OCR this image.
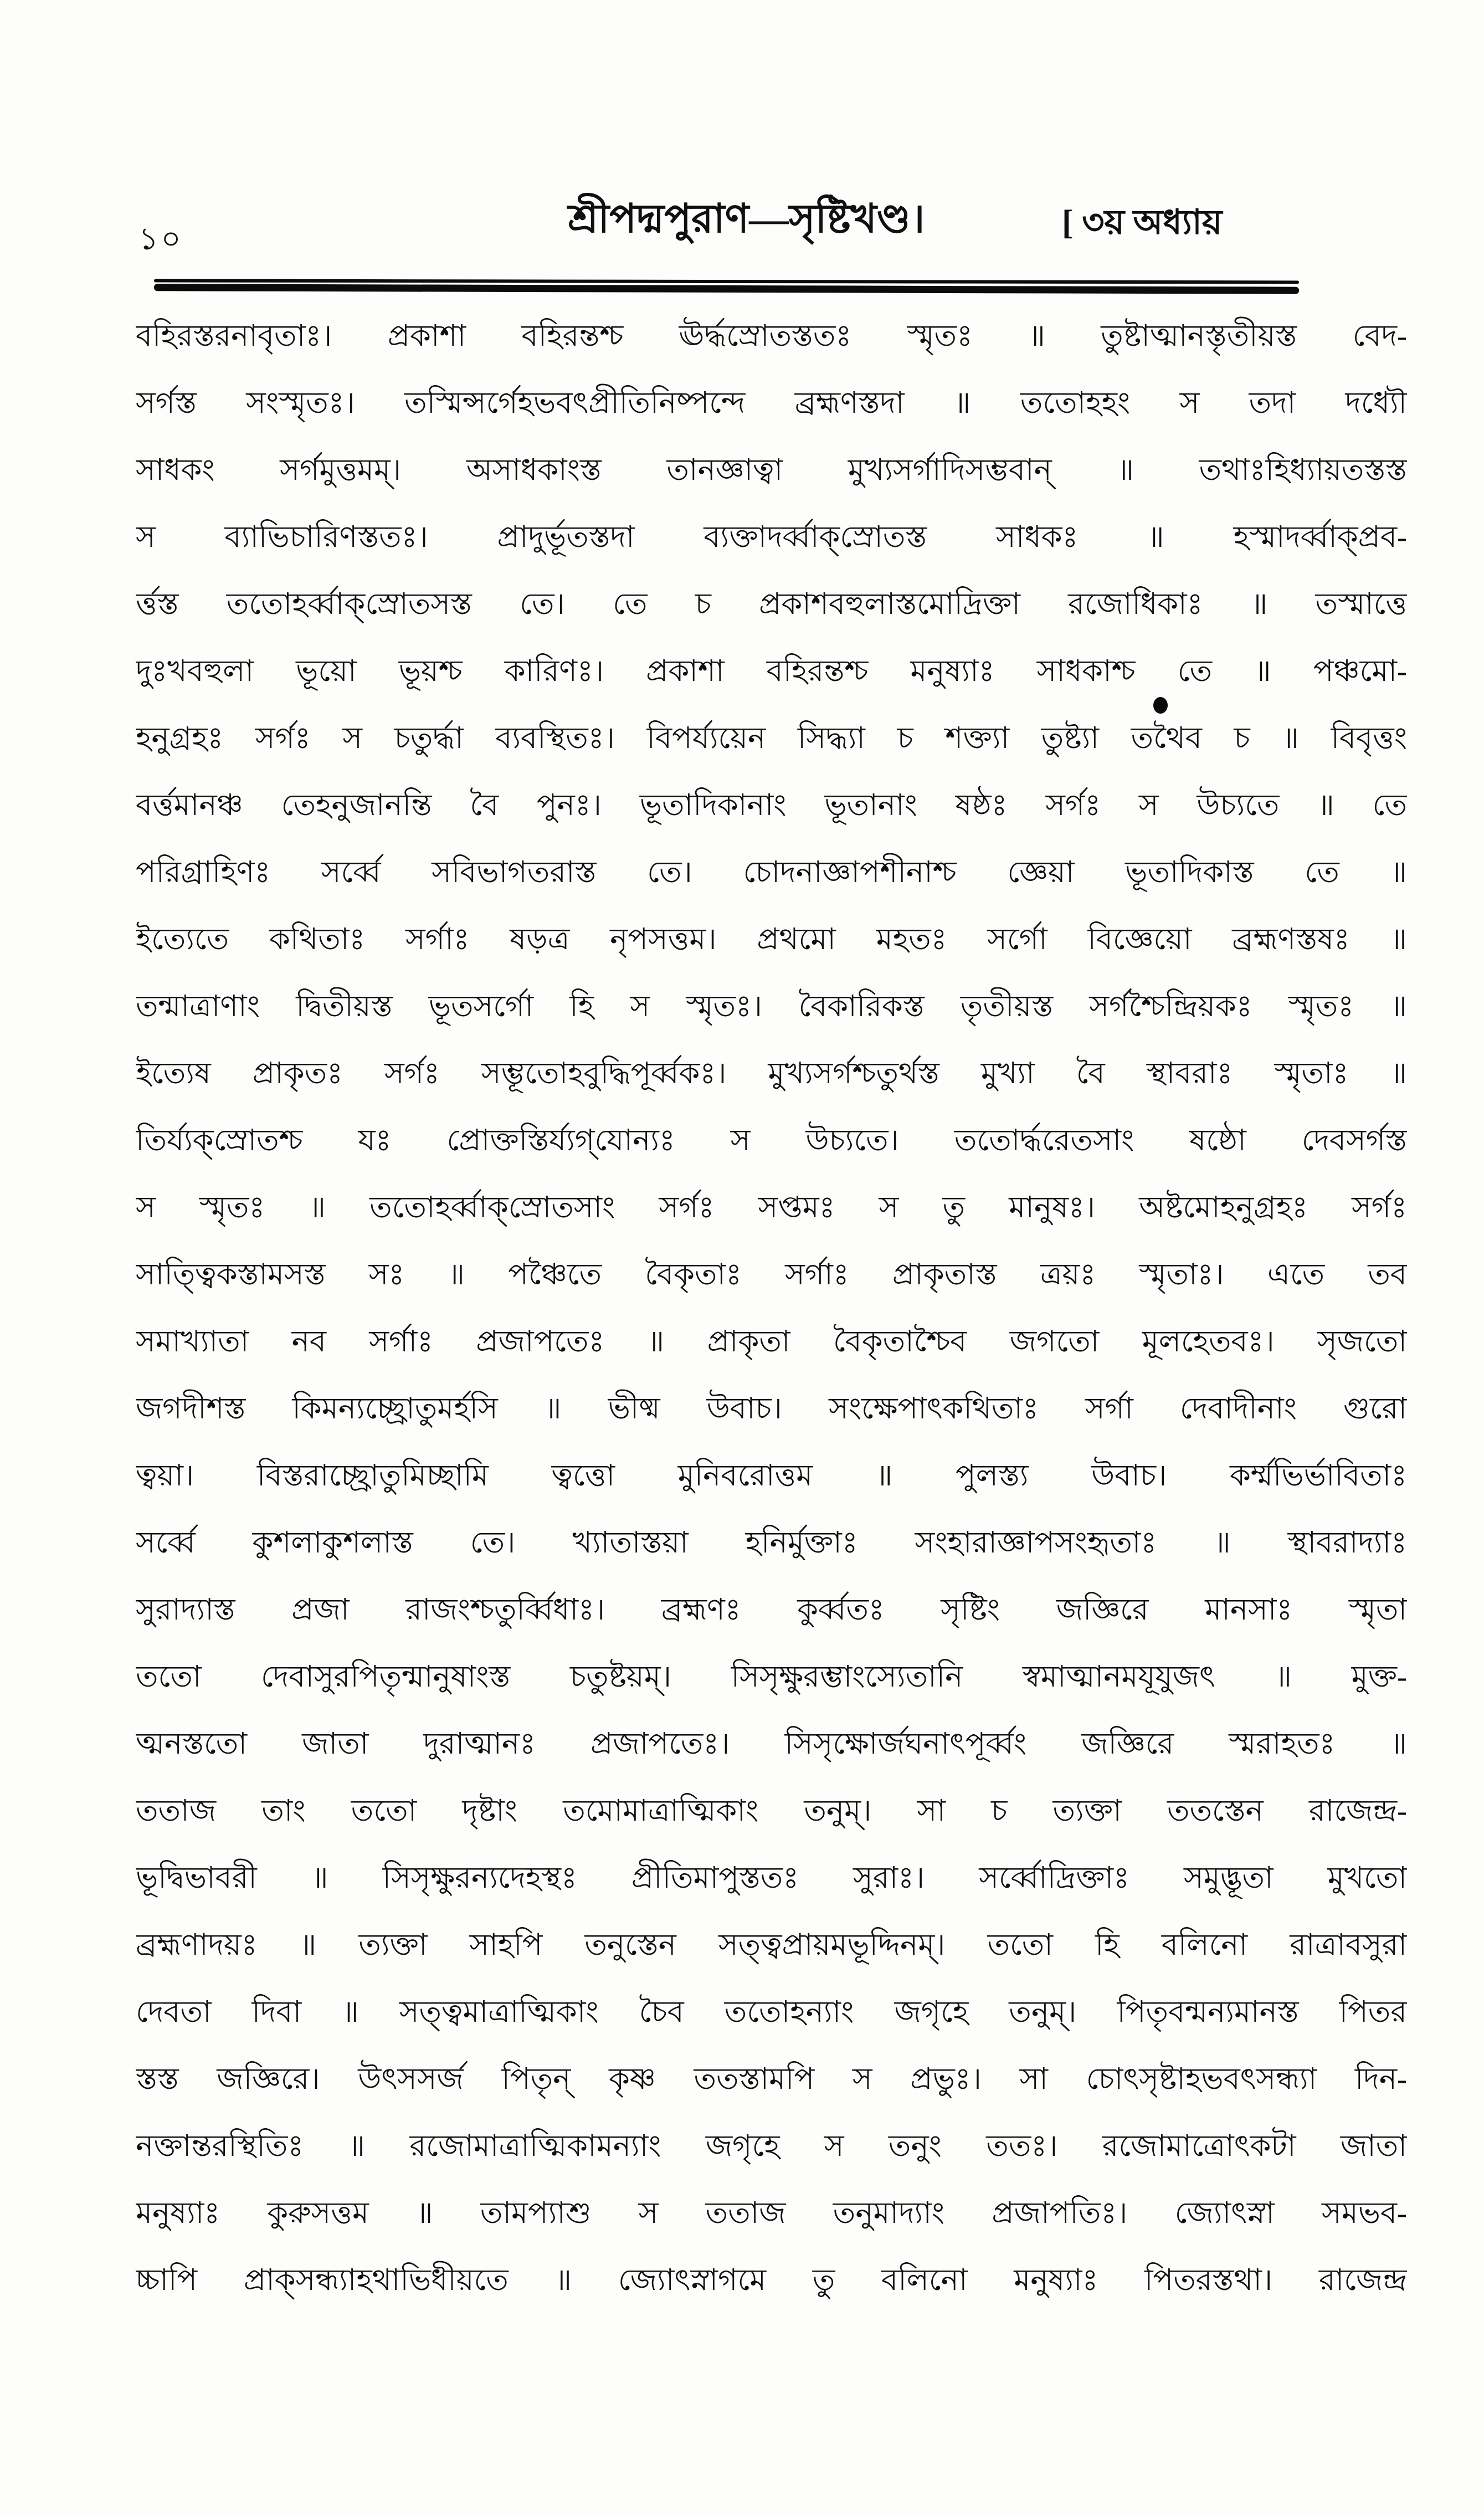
১০	শ্রীপদ্মপুরাণ—সৃষ্টিখণ্ড।	[ ৩য় অধ্যায়
বহিরস্তরনাবৃতাঃ। প্রকাশা বহিরন্তশ্চ ঊর্দ্ধস্রোতস্ততঃ স্মৃতঃ ॥ তুষ্টাত্মানস্তৃতীয়স্ত বেদ-
সর্গস্ত সংস্মৃতঃ। তস্মিন্সর্গেহভবৎপ্রীতিনিষ্পন্দে ব্রহ্মণস্তদা ॥ ততোহহং স তদা দধ্যৌ
সাধকং সর্গমুত্তমম্‌। অসাধকাংস্ত তানজ্ঞাত্বা মুখ্যসর্গাদিসম্ভবান্‌ ॥ তথাঃহিধ্যায়তস্তস্ত
স ব্যাভিচারিণস্ততঃ। প্রাদুর্ভূতস্তদা ব্যক্তাদর্ব্বাক্‌স্রোতস্ত সাধকঃ ॥ হস্মাদর্ব্বাক্‌প্রব-
র্ত্তস্ত ততোহর্ব্বাক্‌স্রোতসস্ত তে। তে চ প্রকাশবহুলাস্তমোদ্রিক্তা রজোধিকাঃ ॥ তস্মাত্তে
দুঃখবহুলা ভূয়ো ভূয়শ্চ কারিণঃ। প্রকাশা বহিরন্তশ্চ মনুষ্যাঃ সাধকাশ্চ তে ॥ পঞ্চমো-
হনুগ্রহঃ সর্গঃ স চতুর্দ্ধা ব্যবস্থিতঃ। বিপর্য্যয়েন সিদ্ধ্যা চ শক্ত্যা তুষ্ট্যা তথৈব চ ॥ বিবৃত্তং
বর্ত্তমানঞ্চ তেহনুজানন্তি বৈ পুনঃ। ভূতাদিকানাং ভূতানাং ষষ্ঠঃ সর্গঃ স উচ্যতে ॥ তে
পরিগ্রাহিণঃ সর্ব্বে সবিভাগতরাস্ত তে। চোদনাজ্ঞাপশীনাশ্চ জ্ঞেয়া ভূতাদিকাস্ত তে ॥
ইত্যেতে কথিতাঃ সর্গাঃ ষড়ত্র নৃপসত্তম। প্রথমো মহতঃ সর্গো বিজ্ঞেয়ো ব্রহ্মণস্তষঃ ॥
তন্মাত্রাণাং দ্বিতীয়স্ত ভূতসর্গো হি স স্মৃতঃ। বৈকারিকস্ত তৃতীয়স্ত সর্গশ্চৈন্দ্রিয়কঃ স্মৃতঃ ॥
ইত্যেষ প্রাকৃতঃ সর্গঃ সম্ভূতোহবুদ্ধিপূর্ব্বকঃ। মুখ্যসর্গশ্চতুর্থস্ত মুখ্যা বৈ স্থাবরাঃ স্মৃতাঃ ॥
তির্য্যক্‌স্রোতশ্চ যঃ প্রোক্তস্তির্য্যগ্‌যোন্যঃ স উচ্যতে। ততোর্দ্ধরেতসাং ষষ্ঠো দেবসর্গস্ত
স স্মৃতঃ ॥ ততোহর্ব্বাক্‌স্রোতসাং সর্গঃ সপ্তমঃ স তু মানুষঃ। অষ্টমোহনুগ্রহঃ সর্গঃ
সাত্ত্বিকস্তামসস্ত সঃ ॥ পঞ্চৈতে বৈকৃতাঃ সর্গাঃ প্রাকৃতাস্ত ত্রয়ঃ স্মৃতাঃ। এতে তব
সমাখ্যাতা নব সর্গাঃ প্রজাপতেঃ ॥ প্রাকৃতা বৈকৃতাশ্চৈব জগতো মূলহেতবঃ। সৃজতো
জগদীশস্ত কিমন্যচ্ছ্রোতুমর্হসি ॥ ভীষ্ম উবাচ। সংক্ষেপাৎকথিতাঃ সর্গা দেবাদীনাং গুরো
ত্বয়া। বিস্তরাচ্ছ্রোতুমিচ্ছামি ত্বত্তো মুনিবরোত্তম ॥ পুলস্ত্য উবাচ। কর্ম্মভির্ভাবিতাঃ
সর্ব্বে কুশলাকুশলাস্ত তে। খ্যাতাস্তয়া হনির্মুক্তাঃ সংহারাজ্ঞাপসংহৃতাঃ ॥ স্থাবরাদ্যাঃ
সুরাদ্যাস্ত প্রজা রাজংশ্চতুর্ব্বিধাঃ। ব্রহ্মণঃ কুর্ব্বতঃ সৃষ্টিং জজ্ঞিরে মানসাঃ স্মৃতা
ততো দেবাসুরপিতৃন্মানুষাংস্ত চতুষ্টয়ম্‌। সিসৃক্ষুরম্ভাংস্যেতানি স্বমাত্মানমযূযুজৎ ॥ মুক্ত-
ত্মনস্ততো জাতা দুরাত্মানঃ প্রজাপতেঃ। সিসৃক্ষোর্জঘনাৎপূর্ব্বং জজ্ঞিরে স্মরাহতঃ ॥
ততাজ তাং ততো দৃষ্টাং তমোমাত্রাত্মিকাং তনুম্‌। সা চ ত্যক্তা ততস্তেন রাজেন্দ্র-
ভূদ্বিভাবরী ॥ সিসৃক্ষুরন্যদেহস্থঃ প্রীতিমাপুস্ততঃ সুরাঃ। সর্ব্বোদ্রিক্তাঃ সমুদ্ভূতা মুখতো
ব্রহ্মণাদয়ঃ ॥ ত্যক্তা সাহপি তনুস্তেন সত্ত্বপ্রায়মভূদ্দিনম্‌। ততো হি বলিনো রাত্রাবসুরা
দেবতা দিবা ॥ সত্ত্বমাত্রাত্মিকাং চৈব ততোহন্যাং জগৃহে তনুম্‌। পিতৃবন্মন্যমানস্ত পিতর
স্তস্ত জজ্ঞিরে। উৎসসর্জ পিতৃন্‌ কৃষ্ণ ততস্তামপি স প্রভুঃ। সা চোৎসৃষ্টাহভবৎসন্ধ্যা দিন-
নক্তান্তরস্থিতিঃ ॥ রজোমাত্রাত্মিকামন্যাং জগৃহে স তনুং ততঃ। রজোমাত্রোৎকটা জাতা
মনুষ্যাঃ কুরুসত্তম ॥ তামপ্যাশু স ততাজ তনুমাদ্যাং প্রজাপতিঃ। জ্যোৎস্না সমভব-
চ্চাপি প্রাক্‌সন্ধ্যাহথাভিধীয়তে ॥ জ্যোৎস্নাগমে তু বলিনো মনুষ্যাঃ পিতরস্তথা। রাজেন্দ্র
